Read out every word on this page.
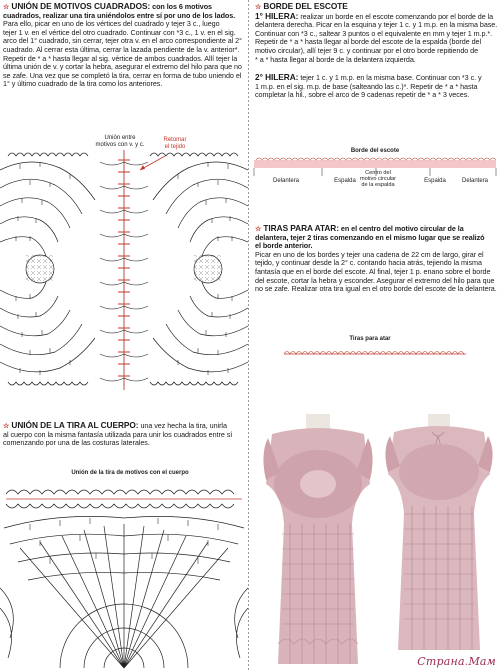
☆ UNIÓN DE MOTIVOS CUADRADOS: con los 6 motivos
cuadrados, realizar una tira uniéndolos entre sí por uno de los lados.
Para ello, picar en uno de los vértices del cuadrado y tejer 3 c., luego
tejer 1 v. en el vértice del otro cuadrado. Continuar con *3 c., 1 v. en el sig.
arco del 1° cuadrado, sin cerrar, tejer otra v. en el arco correspondiente al 2°
cuadrado. Al cerrar esta última, cerrar la lazada pendiente de la v. anterior*.
Repetir de * a * hasta llegar al sig. vértice de ambos cuadrados. Allí tejer la
última unión de v. y cortar la hebra, asegurar el extremo del hilo para que no
se zafe. Una vez que se completó la tira, cerrar en forma de tubo uniendo el
1° y último cuadrado de la tira como los anteriores.
Unión entre
motivos con v. y c.
Retomar
el tejido
☆ UNIÓN DE LA TIRA AL CUERPO: una vez hecha la tira, unirla
al cuerpo con la misma fantasía utilizada para unir los cuadrados entre sí
comenzando por una de las costuras laterales.
Unión de la tira de motivos con el cuerpo
☆ BORDE DEL ESCOTE
1° HILERA: realizar un borde en el escote comenzando por el borde de la
delantera derecha. Picar en la esquina y tejer 1 c. y 1 m.p. en la misma base.
Continuar con *3 c., saltear 3 puntos o el equivalente en mm y tejer 1 m.p.*.
Repetir de * a * hasta llegar al borde del escote de la espalda (borde del
motivo circular), allí tejer 9 c. y continuar por el otro borde repitiendo de
* a * hasta llegar al borde de la delantera izquierda.
2° HILERA: tejer 1 c. y 1 m.p. en la misma base. Continuar con *3 c. y
1 m.p. en el sig. m.p. de base (salteando las c.)*. Repetir de * a * hasta
completar la hil., sobre el arco de 9 cadenas repetir de * a * 3 veces.
Borde del escote
Delantera	Espalda
Centro del
motivo circular
de la espalda
Espalda	Delantera
☆ TIRAS PARA ATAR: en el centro del motivo circular de la
delantera, tejer 2 tiras comenzando en el mismo lugar que se realizó
el borde anterior.
Picar en uno de los bordes y tejer una cadena de 22 cm de largo, girar el
tejido, y continuar desde la 2° c. contando hacia atrás, tejiendo la misma
fantasía que en el borde del escote. Al final, tejer 1 p. enano sobre el borde
del escote, cortar la hebra y esconder. Asegurar el extremo del hilo para que
no se zafe. Realizar otra tira igual en el otro borde del escote de la delantera.
Tiras para atar
Страна.Мам
